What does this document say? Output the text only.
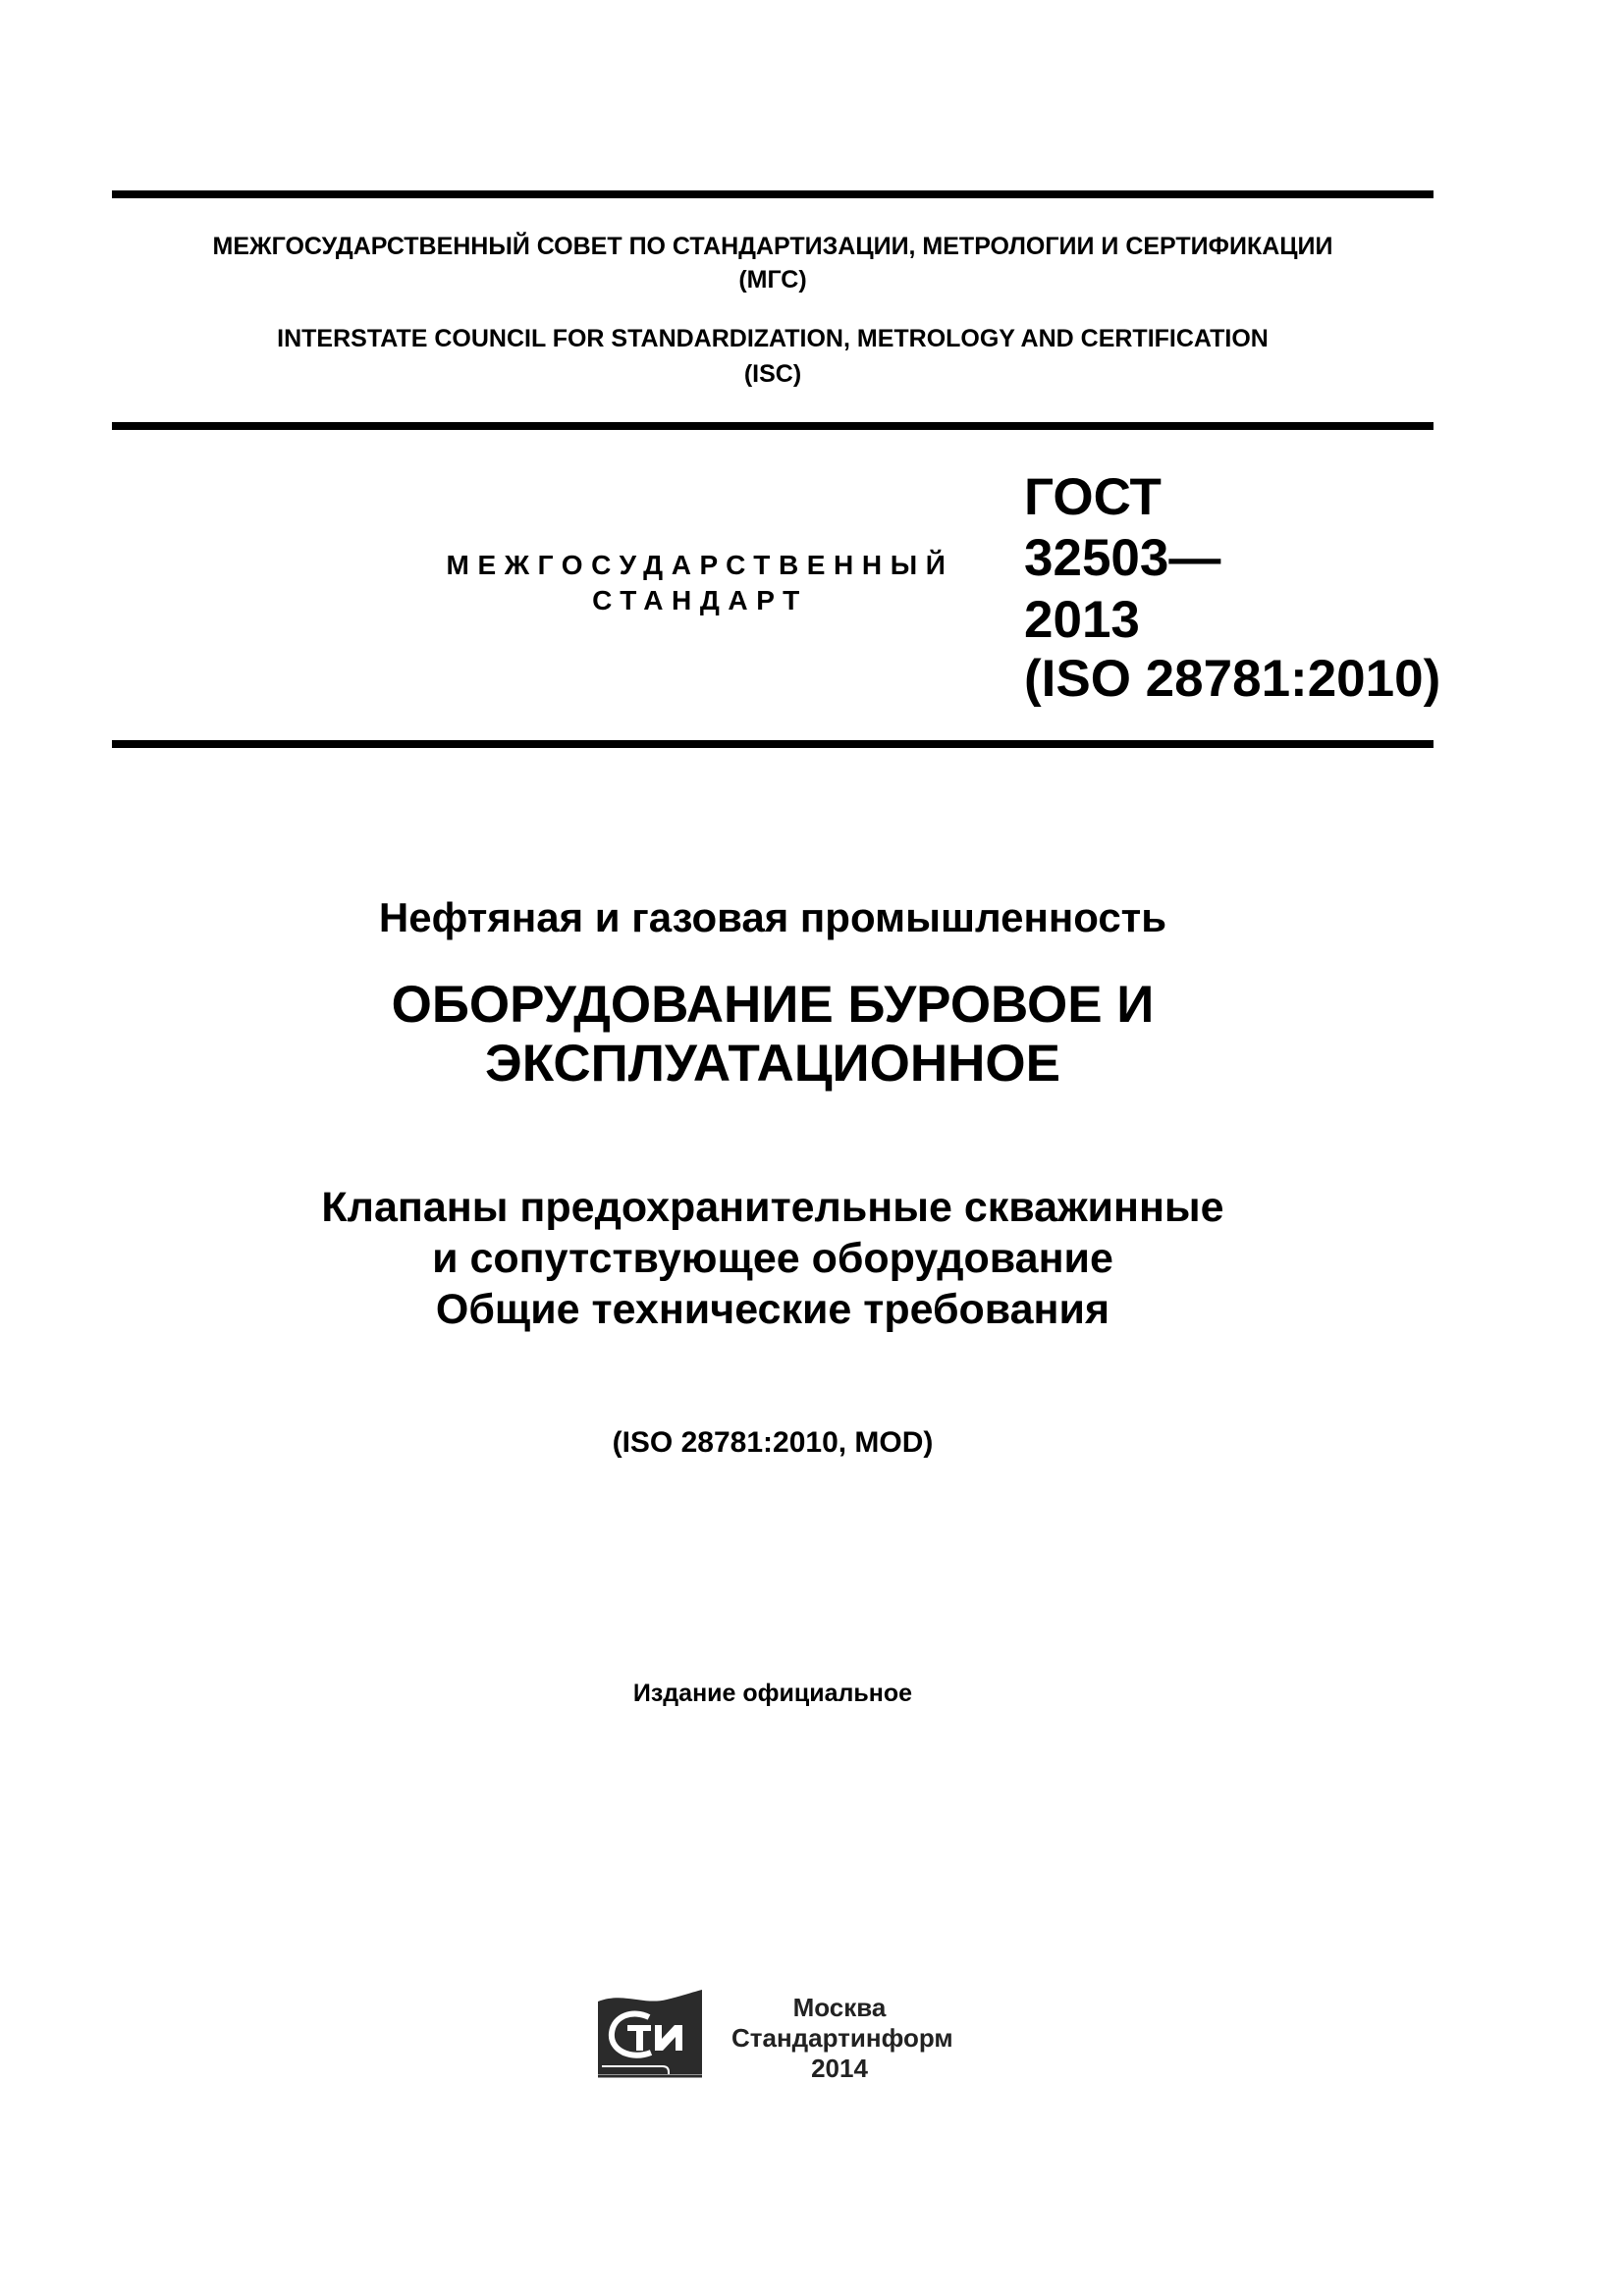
МЕЖГОСУДАРСТВЕННЫЙ СОВЕТ ПО СТАНДАРТИЗАЦИИ, МЕТРОЛОГИИ И СЕРТИФИКАЦИИ
(МГС)
INTERSTATE COUNCIL FOR STANDARDIZATION, METROLOGY AND CERTIFICATION
(ISC)
МЕЖГОСУДАРСТВЕННЫЙ
СТАНДАРТ
ГОСТ
32503—
2013
(ISO 28781:2010)
Нефтяная и газовая промышленность
ОБОРУДОВАНИЕ БУРОВОЕ И
ЭКСПЛУАТАЦИОННОЕ
Клапаны предохранительные скважинные
и сопутствующее оборудование
Общие технические требования
(ISO 28781:2010, MOD)
Издание официальное
Москва
Стандартинформ
2014
